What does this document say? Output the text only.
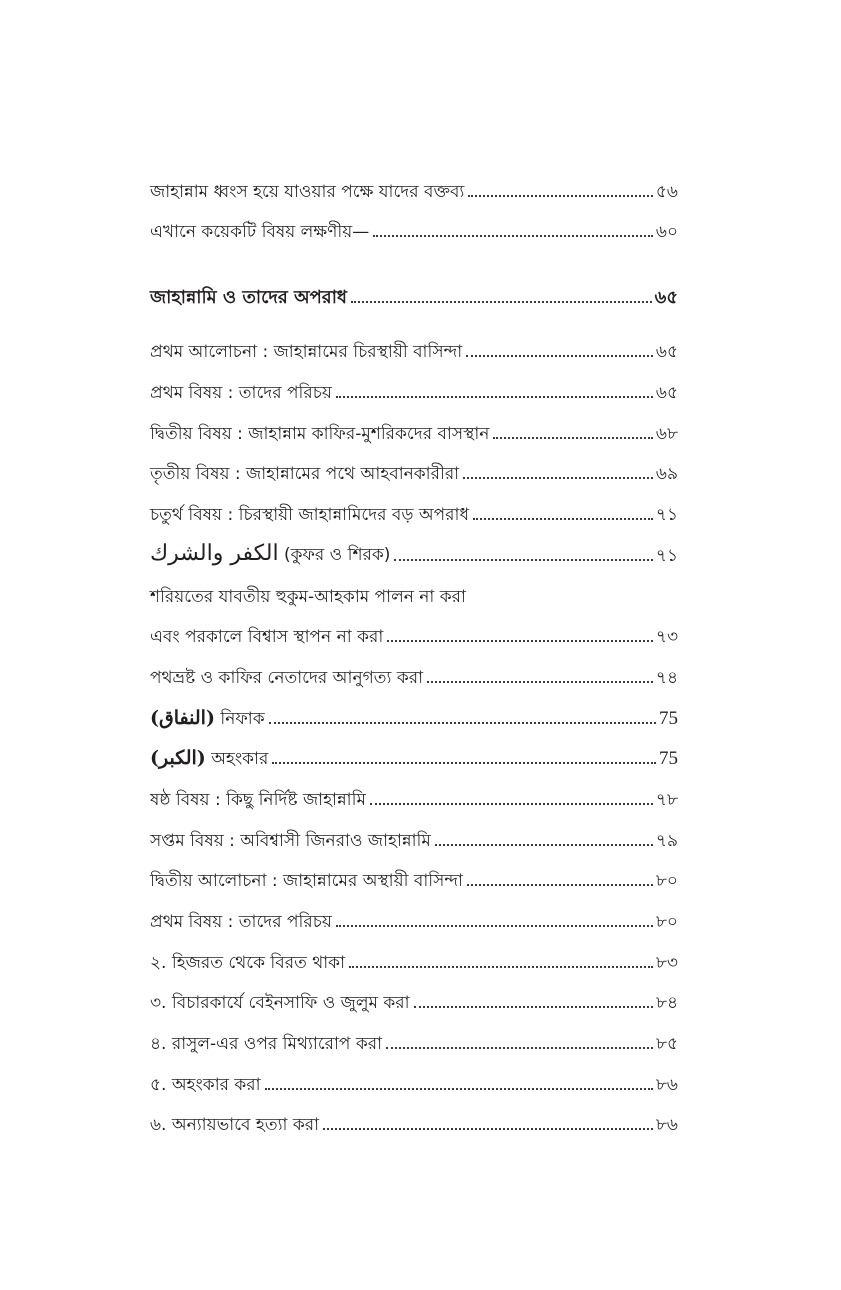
জাহান্নাম ধ্বংস হয়ে যাওয়ার পক্ষে যাদের বক্তব্য	৫৬
এখানে কয়েকটি বিষয় লক্ষণীয়—	৬০
জাহান্নামি ও তাদের অপরাধ	৬৫
প্রথম আলোচনা : জাহান্নামের চিরস্থায়ী বাসিন্দা	৬৫
প্রথম বিষয় : তাদের পরিচয়	৬৫
দ্বিতীয় বিষয় : জাহান্নাম কাফির-মুশরিকদের বাসস্থান	৬৮
তৃতীয় বিষয় : জাহান্নামের পথে আহবানকারীরা	৬৯
চতুর্থ বিষয় : চিরস্থায়ী জাহান্নামিদের বড় অপরাধ	৭১
الكفر والشرك (কুফর ও শিরক)	৭১
শরিয়তের যাবতীয় হুকুম-আহকাম পালন না করা
এবং পরকালে বিশ্বাস স্থাপন না করা	৭৩
পথভ্রষ্ট ও কাফির নেতাদের আনুগত্য করা	৭৪
(النفاق) নিফাক	75
(الكبر) অহংকার	75
ষষ্ঠ বিষয় : কিছু নির্দিষ্ট জাহান্নামি	৭৮
সপ্তম বিষয় : অবিশ্বাসী জিনরাও জাহান্নামি	৭৯
দ্বিতীয় আলোচনা : জাহান্নামের অস্থায়ী বাসিন্দা	৮০
প্রথম বিষয় : তাদের পরিচয়	৮০
২. হিজরত থেকে বিরত থাকা	৮৩
৩. বিচারকার্যে বেইনসাফি ও জুলুম করা	৮৪
৪. রাসুল-এর ওপর মিথ্যারোপ করা	৮৫
৫. অহংকার করা	৮৬
৬. অন্যায়ভাবে হত্যা করা	৮৬
